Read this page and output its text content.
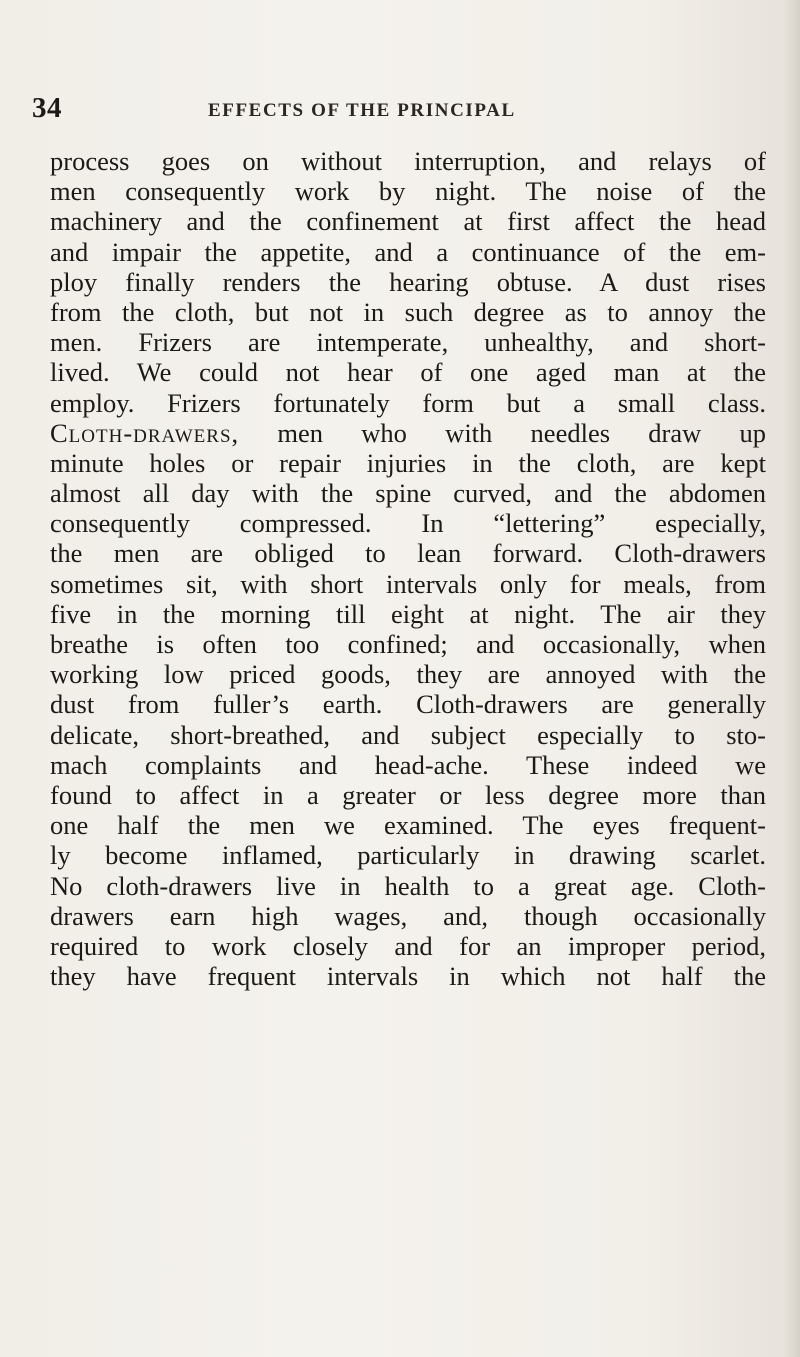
34	EFFECTS OF THE PRINCIPAL
process goes on without interruption, and relays of
men consequently work by night. The noise of the
machinery and the confinement at first affect the head
and impair the appetite, and a continuance of the em-
ploy finally renders the hearing obtuse. A dust rises
from the cloth, but not in such degree as to annoy the
men. Frizers are intemperate, unhealthy, and short-
lived. We could not hear of one aged man at the
employ. Frizers fortunately form but a small class.
Cloth-drawers, men who with needles draw up
minute holes or repair injuries in the cloth, are kept
almost all day with the spine curved, and the abdomen
consequently compressed. In “lettering” especially,
the men are obliged to lean forward. Cloth-drawers
sometimes sit, with short intervals only for meals, from
five in the morning till eight at night. The air they
breathe is often too confined; and occasionally, when
working low priced goods, they are annoyed with the
dust from fuller’s earth. Cloth-drawers are generally
delicate, short-breathed, and subject especially to sto-
mach complaints and head-ache. These indeed we
found to affect in a greater or less degree more than
one half the men we examined. The eyes frequent-
ly become inflamed, particularly in drawing scarlet.
No cloth-drawers live in health to a great age. Cloth-
drawers earn high wages, and, though occasionally
required to work closely and for an improper period,
they have frequent intervals in which not half the
